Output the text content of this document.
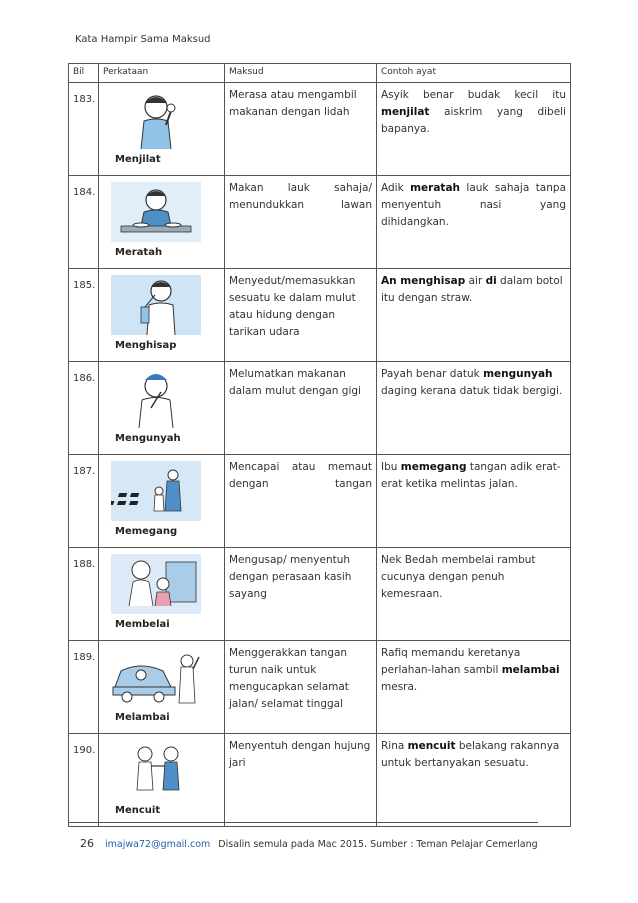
Kata Hampir Sama Maksud
Bil	Perkataan	Maksud	Contoh ayat
183.	Menjilat	Merasa atau mengambil makanan dengan lidah	Asyik benar budak kecil itu menjilat aiskrim yang dibeli bapanya.

184.	Meratah	Makan lauk sahaja/ menundukkan lawan	Adik meratah lauk sahaja tanpa menyentuh nasi yang dihidangkan.

185.	Menghisap	Menyedut/memasukkan sesuatu ke dalam mulut atau hidung dengan tarikan udara	An menghisap air di dalam botol itu dengan straw.

186.	Mengunyah	Melumatkan makanan dalam mulut dengan gigi	Payah benar datuk mengunyah daging kerana datuk tidak bergigi.

187.	Memegang	Mencapai atau memaut dengan tangan	Ibu memegang tangan adik erat-erat ketika melintas jalan.

188.	Membelai	Mengusap/ menyentuh dengan perasaan kasih sayang	Nek Bedah membelai rambut cucunya dengan penuh kemesraan.

189.	Melambai	Menggerakkan tangan turun naik untuk mengucapkan selamat jalan/ selamat tinggal	Rafiq memandu keretanya perlahan-lahan sambil melambai mesra.

190.	Mencuit	Menyentuh dengan hujung jari	Rina mencuit belakang rakannya untuk bertanyakan sesuatu.
26 imajwa72@gmail.com Disalin semula pada Mac 2015. Sumber : Teman Pelajar Cemerlang
